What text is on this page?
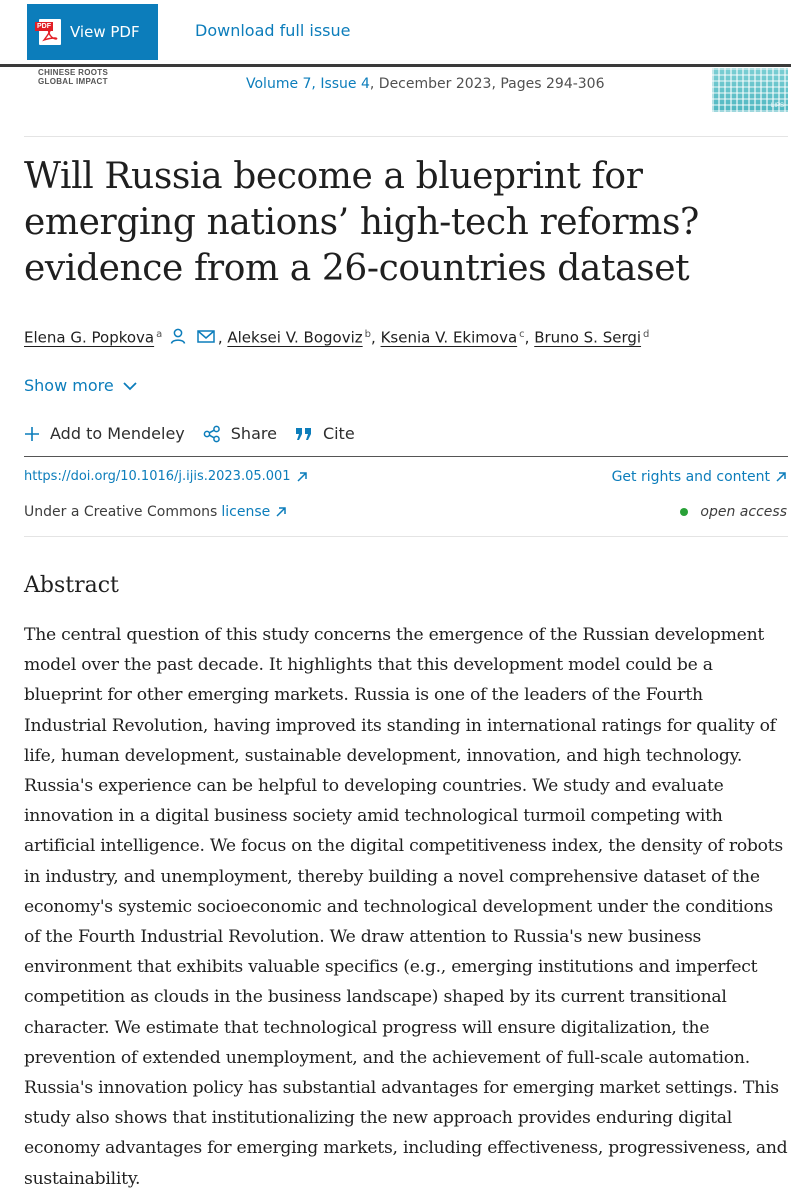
PDF View PDF	Download full issue
CHINESE ROOTS
GLOBAL IMPACT	Volume 7, Issue 4, December 2023, Pages 294-306
LIPS
Will Russia become a blueprint for emerging nations’ high-tech reforms? evidence from a 26-countries dataset
Elena G. Popkova $^a$	, Aleksei V. Bogoviz $^b$, Ksenia V. Ekimova $^c$, Bruno S. Sergi $^d$
Show more
Add to Mendeley	Share	Cite
https://doi.org/10.1016/j.ijis.2023.05.001	Get rights and content
Under a Creative Commons license	open access
Abstract

The central question of this study concerns the emergence of the Russian development model over the past decade. It highlights that this development model could be a blueprint for other emerging markets. Russia is one of the leaders of the Fourth Industrial Revolution, having improved its standing in international ratings for quality of life, human development, sustainable development, innovation, and high technology. Russia's experience can be helpful to developing countries. We study and evaluate innovation in a digital business society amid technological turmoil competing with artificial intelligence. We focus on the digital competitiveness index, the density of robots in industry, and unemployment, thereby building a novel comprehensive dataset of the economy's systemic socioeconomic and technological development under the conditions of the Fourth Industrial Revolution. We draw attention to Russia's new business environment that exhibits valuable specifics (e.g., emerging institutions and imperfect competition as clouds in the business landscape) shaped by its current transitional character. We estimate that technological progress will ensure digitalization, the prevention of extended unemployment, and the achievement of full-scale automation. Russia's innovation policy has substantial advantages for emerging market settings. This study also shows that institutionalizing the new approach provides enduring digital economy advantages for emerging markets, including effectiveness, progressiveness, and sustainability.
